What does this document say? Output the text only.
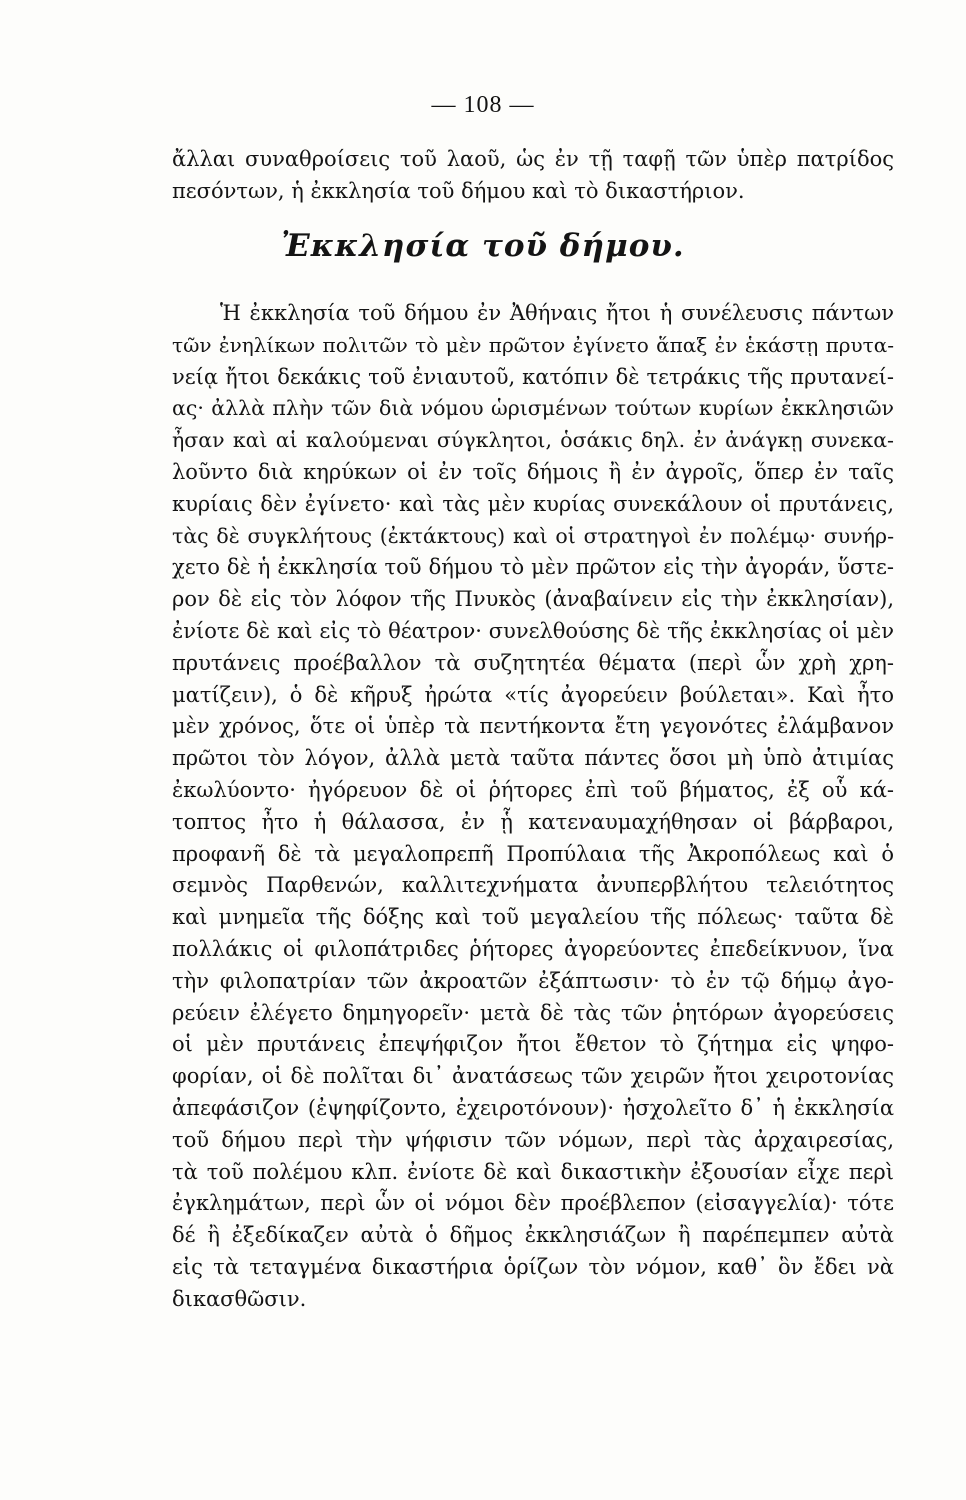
— 108 —
ἄλλαι συναθροίσεις τοῦ λαοῦ, ὡς ἐν τῇ ταφῇ τῶν ὑπὲρ πατρίδος
πεσόντων, ἡ ἐκκλησία τοῦ δήμου καὶ τὸ δικαστήριον.
Ἐκκλησία τοῦ δήμου.
Ἡ ἐκκλησία τοῦ δήμου ἐν Ἀθήναις ἤτοι ἡ συνέλευσις πάντων
τῶν ἐνηλίκων πολιτῶν τὸ μὲν πρῶτον ἐγίνετο ἅπαξ ἐν ἑκάστῃ πρυτα-
νείᾳ ἤτοι δεκάκις τοῦ ἐνιαυτοῦ, κατόπιν δὲ τετράκις τῆς πρυτανεί-
ας· ἀλλὰ πλὴν τῶν διὰ νόμου ὡρισμένων τούτων κυρίων ἐκκλησιῶν
ἦσαν καὶ αἱ καλούμεναι σύγκλητοι, ὁσάκις δηλ. ἐν ἀνάγκῃ συνεκα-
λοῦντο διὰ κηρύκων οἱ ἐν τοῖς δήμοις ἢ ἐν ἀγροῖς, ὅπερ ἐν ταῖς
κυρίαις δὲν ἐγίνετο· καὶ τὰς μὲν κυρίας συνεκάλουν οἱ πρυτάνεις,
τὰς δὲ συγκλήτους (ἐκτάκτους) καὶ οἱ στρατηγοὶ ἐν πολέμῳ· συνήρ-
χετο δὲ ἡ ἐκκλησία τοῦ δήμου τὸ μὲν πρῶτον εἰς τὴν ἀγοράν, ὕστε-
ρον δὲ εἰς τὸν λόφον τῆς Πνυκὸς (ἀναβαίνειν εἰς τὴν ἐκκλησίαν),
ἐνίοτε δὲ καὶ εἰς τὸ θέατρον· συνελθούσης δὲ τῆς ἐκκλησίας οἱ μὲν
πρυτάνεις προέβαλλον τὰ συζητητέα θέματα (περὶ ὧν χρὴ χρη-
ματίζειν), ὁ δὲ κῆρυξ ἠρώτα «τίς ἀγορεύειν βούλεται». Καὶ ἦτο
μὲν χρόνος, ὅτε οἱ ὑπὲρ τὰ πεντήκοντα ἔτη γεγονότες ἐλάμβανον
πρῶτοι τὸν λόγον, ἀλλὰ μετὰ ταῦτα πάντες ὅσοι μὴ ὑπὸ ἀτιμίας
ἐκωλύοντο· ἠγόρευον δὲ οἱ ῥήτορες ἐπὶ τοῦ βήματος, ἐξ οὗ κά-
τοπτος ἦτο ἡ θάλασσα, ἐν ᾗ κατεναυμαχήθησαν οἱ βάρβαροι,
προφανῆ δὲ τὰ μεγαλοπρεπῆ Προπύλαια τῆς Ἀκροπόλεως καὶ ὁ
σεμνὸς Παρθενών, καλλιτεχνήματα ἀνυπερβλήτου τελειότητος
καὶ μνημεῖα τῆς δόξης καὶ τοῦ μεγαλείου τῆς πόλεως· ταῦτα δὲ
πολλάκις οἱ φιλοπάτριδες ῥήτορες ἀγορεύοντες ἐπεδείκνυον, ἵνα
τὴν φιλοπατρίαν τῶν ἀκροατῶν ἐξάπτωσιν· τὸ ἐν τῷ δήμῳ ἀγο-
ρεύειν ἐλέγετο δημηγορεῖν· μετὰ δὲ τὰς τῶν ῥητόρων ἀγορεύσεις
οἱ μὲν πρυτάνεις ἐπεψήφιζον ἤτοι ἔθετον τὸ ζήτημα εἰς ψηφο-
φορίαν, οἱ δὲ πολῖται δι᾽ ἀνατάσεως τῶν χειρῶν ἤτοι χειροτονίας
ἀπεφάσιζον (ἐψηφίζοντο, ἐχειροτόνουν)· ἠσχολεῖτο δ᾽ ἡ ἐκκλησία
τοῦ δήμου περὶ τὴν ψήφισιν τῶν νόμων, περὶ τὰς ἀρχαιρεσίας,
τὰ τοῦ πολέμου κλπ. ἐνίοτε δὲ καὶ δικαστικὴν ἐξουσίαν εἶχε περὶ
ἐγκλημάτων, περὶ ὧν οἱ νόμοι δὲν προέβλεπον (εἰσαγγελία)· τότε
δέ ἢ ἐξεδίκαζεν αὐτὰ ὁ δῆμος ἐκκλησιάζων ἢ παρέπεμπεν αὐτὰ
εἰς τὰ τεταγμένα δικαστήρια ὁρίζων τὸν νόμον, καθ᾽ ὃν ἔδει νὰ
δικασθῶσιν.
